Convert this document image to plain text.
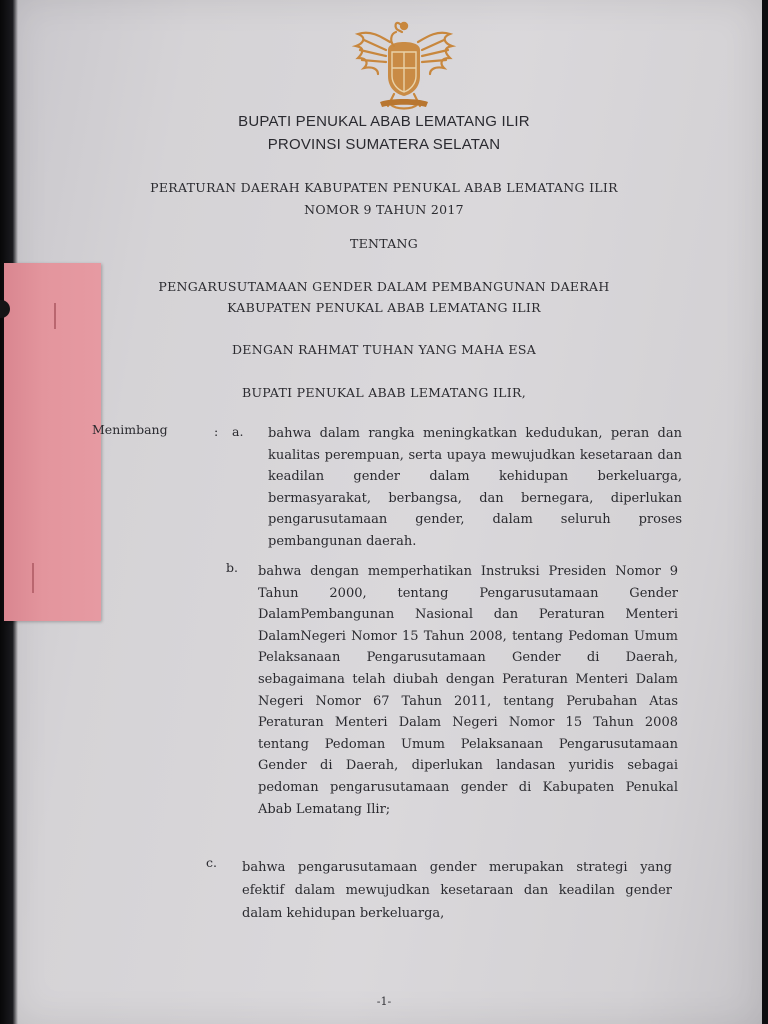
BUPATI PENUKAL ABAB LEMATANG ILIR
PROVINSI SUMATERA SELATAN
PERATURAN DAERAH KABUPATEN PENUKAL ABAB LEMATANG ILIR
NOMOR 9 TAHUN 2017
TENTANG
PENGARUSUTAMAAN GENDER DALAM PEMBANGUNAN DAERAH
KABUPATEN PENUKAL ABAB LEMATANG ILIR
DENGAN RAHMAT TUHAN YANG MAHA ESA
BUPATI PENUKAL ABAB LEMATANG ILIR,
Menimbang	: a. bahwa dalam rangka meningkatkan kedudukan, peran dan kualitas perempuan, serta upaya mewujudkan kesetaraan dan keadilan gender dalam kehidupan berkeluarga, bermasyarakat, berbangsa, dan bernegara, diperlukan pengarusutamaan gender, dalam seluruh proses pembangunan daerah.
b. bahwa dengan memperhatikan Instruksi Presiden Nomor 9 Tahun 2000, tentang Pengarusutamaan Gender DalamPembangunan Nasional dan Peraturan Menteri DalamNegeri Nomor 15 Tahun 2008, tentang Pedoman Umum Pelaksanaan Pengarusutamaan Gender di Daerah, sebagaimana telah diubah dengan Peraturan Menteri Dalam Negeri Nomor 67 Tahun 2011, tentang Perubahan Atas Peraturan Menteri Dalam Negeri Nomor 15 Tahun 2008 tentang Pedoman Umum Pelaksanaan Pengarusutamaan Gender di Daerah, diperlukan landasan yuridis sebagai pedoman pengarusutamaan gender di Kabupaten Penukal Abab Lematang Ilir;
c. bahwa pengarusutamaan gender merupakan strategi yang efektif dalam mewujudkan kesetaraan dan keadilan gender dalam kehidupan berkeluarga,
-1-
